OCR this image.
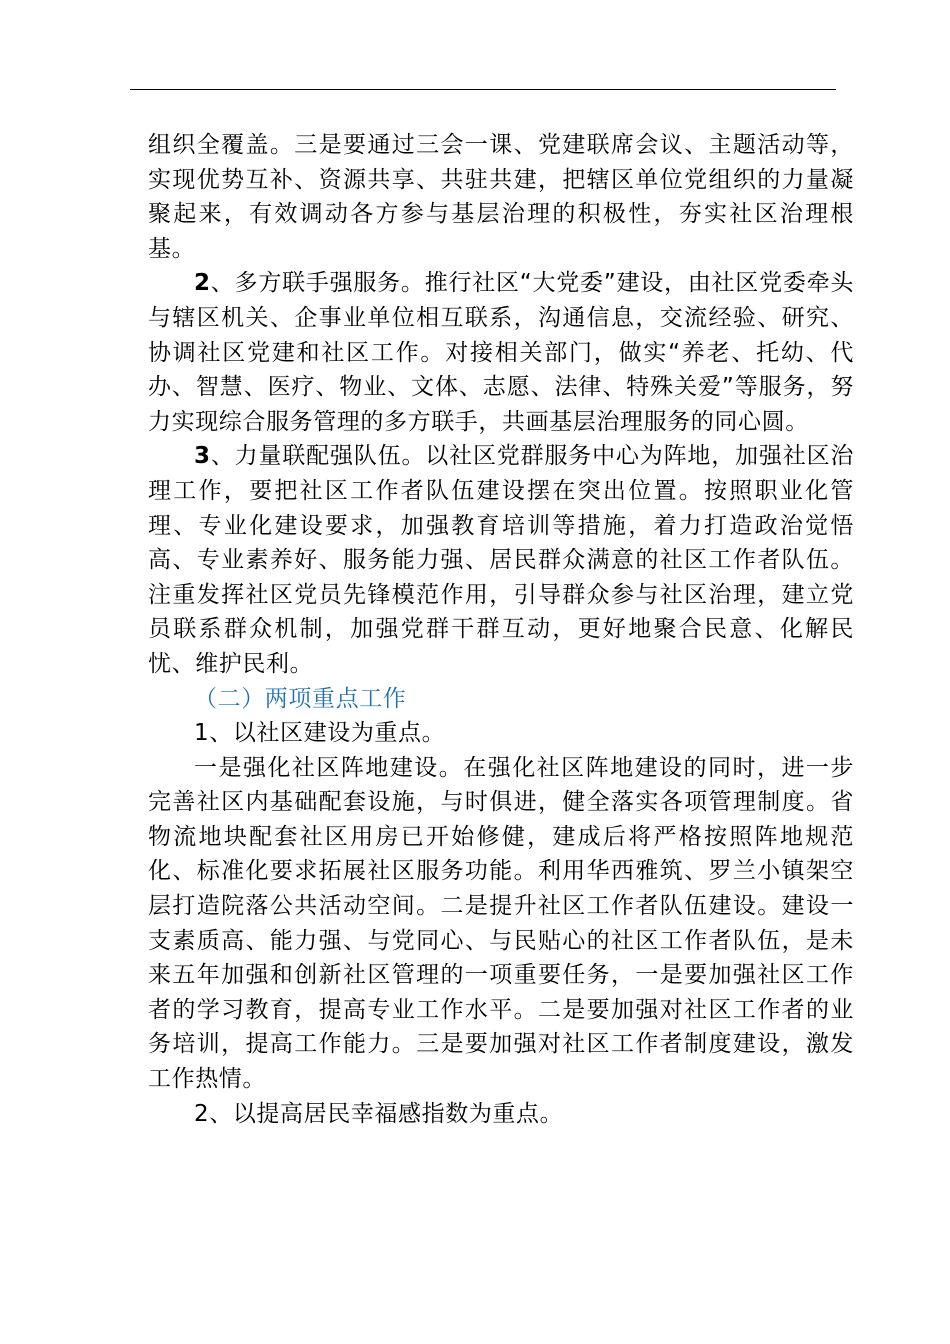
组织全覆盖。三是要通过三会一课、党建联席会议、主题活动等，实现优势互补、资源共享、共驻共建，把辖区单位党组织的力量凝聚起来，有效调动各方参与基层治理的积极性，夯实社区治理根基。

2、多方联手强服务。推行社区“大党委”建设，由社区党委牵头与辖区机关、企事业单位相互联系，沟通信息，交流经验、研究、协调社区党建和社区工作。对接相关部门，做实“养老、托幼、代办、智慧、医疗、物业、文体、志愿、法律、特殊关爱”等服务，努力实现综合服务管理的多方联手，共画基层治理服务的同心圆。

3、力量联配强队伍。以社区党群服务中心为阵地，加强社区治理工作，要把社区工作者队伍建设摆在突出位置。按照职业化管理、专业化建设要求，加强教育培训等措施，着力打造政治觉悟高、专业素养好、服务能力强、居民群众满意的社区工作者队伍。注重发挥社区党员先锋模范作用，引导群众参与社区治理，建立党员联系群众机制，加强党群干群互动，更好地聚合民意、化解民忧、维护民利。

（二）两项重点工作

1、以社区建设为重点。

一是强化社区阵地建设。在强化社区阵地建设的同时，进一步完善社区内基础配套设施，与时俱进，健全落实各项管理制度。省物流地块配套社区用房已开始修健，建成后将严格按照阵地规范化、标准化要求拓展社区服务功能。利用华西雅筑、罗兰小镇架空层打造院落公共活动空间。二是提升社区工作者队伍建设。建设一支素质高、能力强、与党同心、与民贴心的社区工作者队伍，是未来五年加强和创新社区管理的一项重要任务，一是要加强社区工作者的学习教育，提高专业工作水平。二是要加强对社区工作者的业务培训，提高工作能力。三是要加强对社区工作者制度建设，激发工作热情。

2、以提高居民幸福感指数为重点。
